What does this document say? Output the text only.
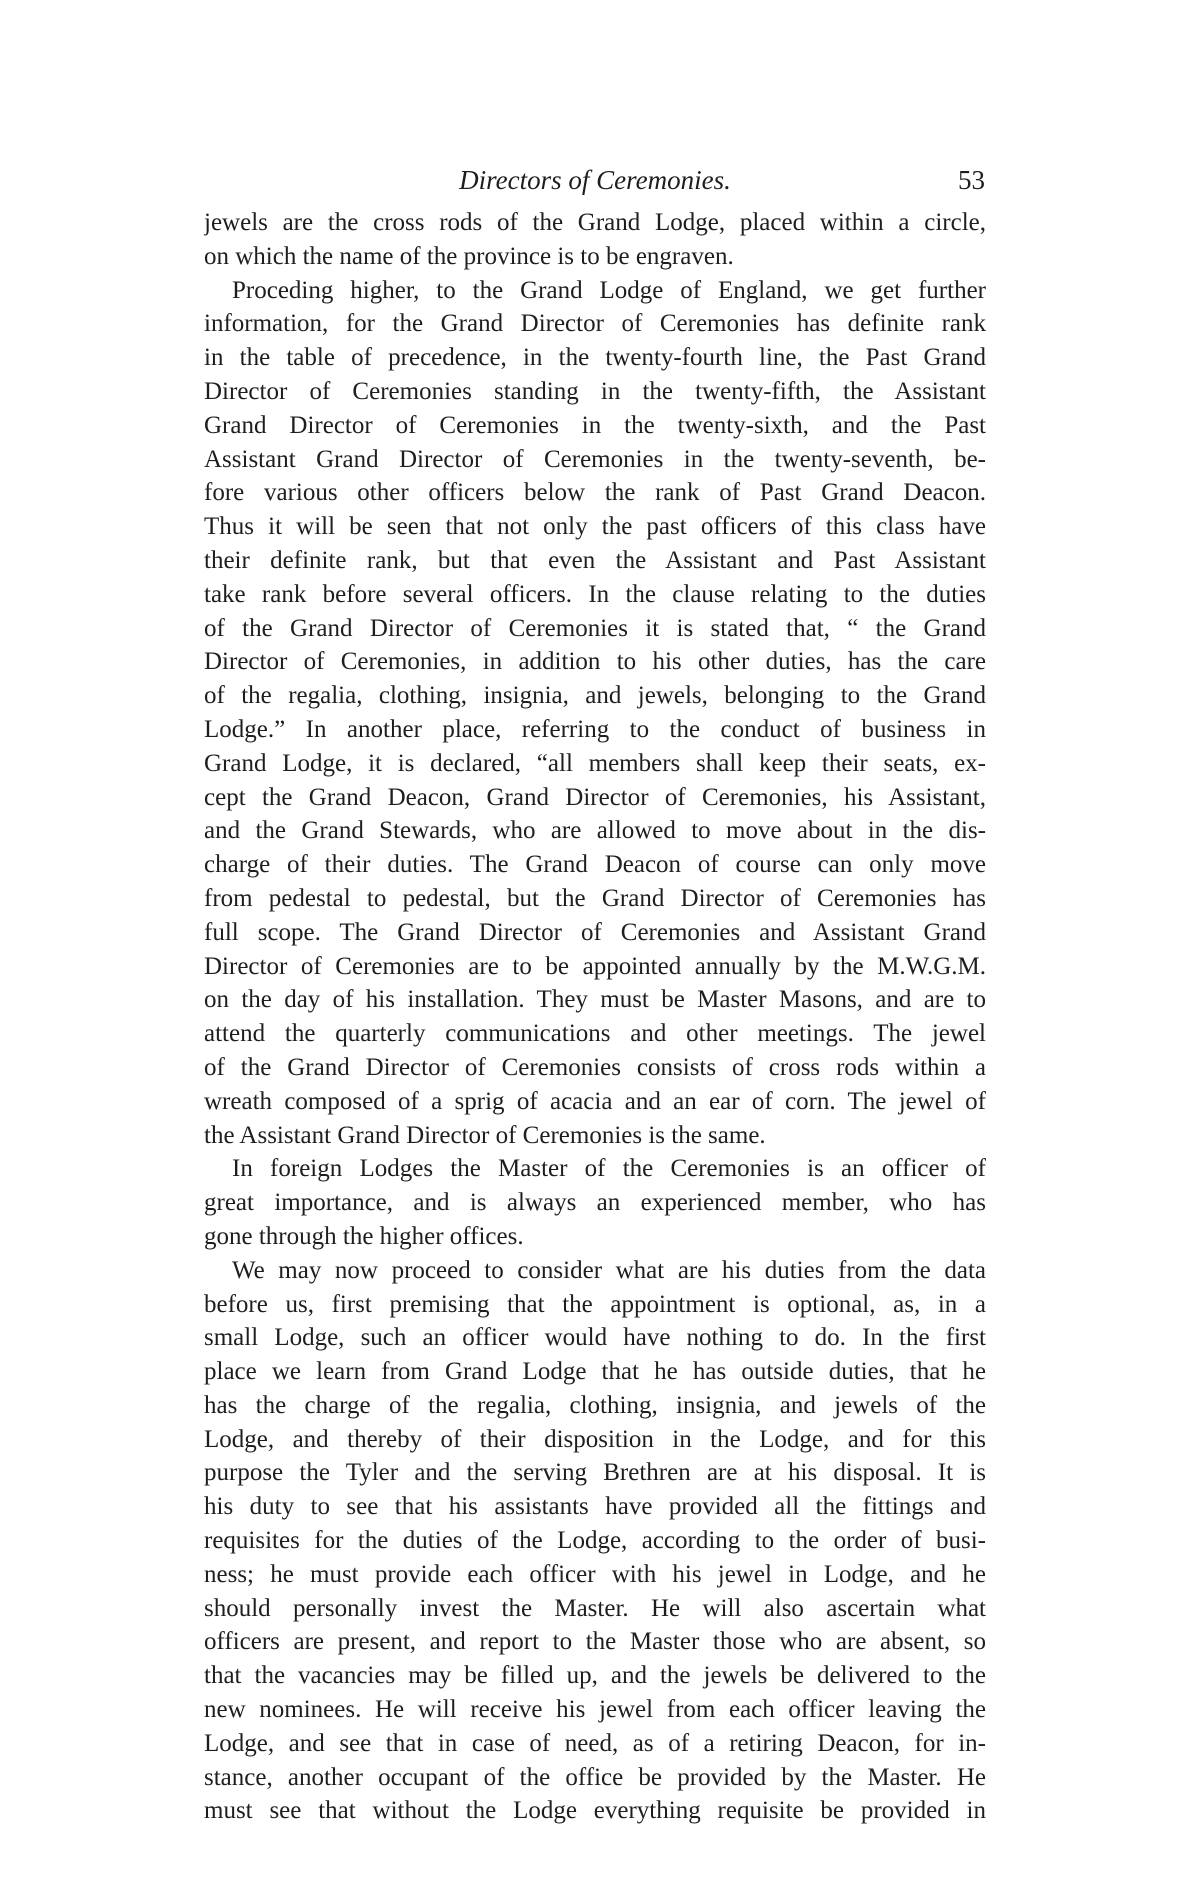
Directors of Ceremonies.	53
jewels are the cross rods of the Grand Lodge, placed within a circle,
on which the name of the province is to be engraven.
Proceding higher, to the Grand Lodge of England, we get further
information, for the Grand Director of Ceremonies has definite rank
in the table of precedence, in the twenty-fourth line, the Past Grand
Director of Ceremonies standing in the twenty-fifth, the Assistant
Grand Director of Ceremonies in the twenty-sixth, and the Past
Assistant Grand Director of Ceremonies in the twenty-seventh, be-
fore various other officers below the rank of Past Grand Deacon.
Thus it will be seen that not only the past officers of this class have
their definite rank, but that even the Assistant and Past Assistant
take rank before several officers. In the clause relating to the duties
of the Grand Director of Ceremonies it is stated that, “ the Grand
Director of Ceremonies, in addition to his other duties, has the care
of the regalia, clothing, insignia, and jewels, belonging to the Grand
Lodge.” In another place, referring to the conduct of business in
Grand Lodge, it is declared, “all members shall keep their seats, ex-
cept the Grand Deacon, Grand Director of Ceremonies, his Assistant,
and the Grand Stewards, who are allowed to move about in the dis-
charge of their duties. The Grand Deacon of course can only move
from pedestal to pedestal, but the Grand Director of Ceremonies has
full scope. The Grand Director of Ceremonies and Assistant Grand
Director of Ceremonies are to be appointed annually by the M.W.G.M.
on the day of his installation. They must be Master Masons, and are to
attend the quarterly communications and other meetings. The jewel
of the Grand Director of Ceremonies consists of cross rods within a
wreath composed of a sprig of acacia and an ear of corn. The jewel of
the Assistant Grand Director of Ceremonies is the same.
In foreign Lodges the Master of the Ceremonies is an officer of
great importance, and is always an experienced member, who has
gone through the higher offices.
We may now proceed to consider what are his duties from the data
before us, first premising that the appointment is optional, as, in a
small Lodge, such an officer would have nothing to do. In the first
place we learn from Grand Lodge that he has outside duties, that he
has the charge of the regalia, clothing, insignia, and jewels of the
Lodge, and thereby of their disposition in the Lodge, and for this
purpose the Tyler and the serving Brethren are at his disposal. It is
his duty to see that his assistants have provided all the fittings and
requisites for the duties of the Lodge, according to the order of busi-
ness; he must provide each officer with his jewel in Lodge, and he
should personally invest the Master. He will also ascertain what
officers are present, and report to the Master those who are absent, so
that the vacancies may be filled up, and the jewels be delivered to the
new nominees. He will receive his jewel from each officer leaving the
Lodge, and see that in case of need, as of a retiring Deacon, for in-
stance, another occupant of the office be provided by the Master. He
must see that without the Lodge everything requisite be provided in
